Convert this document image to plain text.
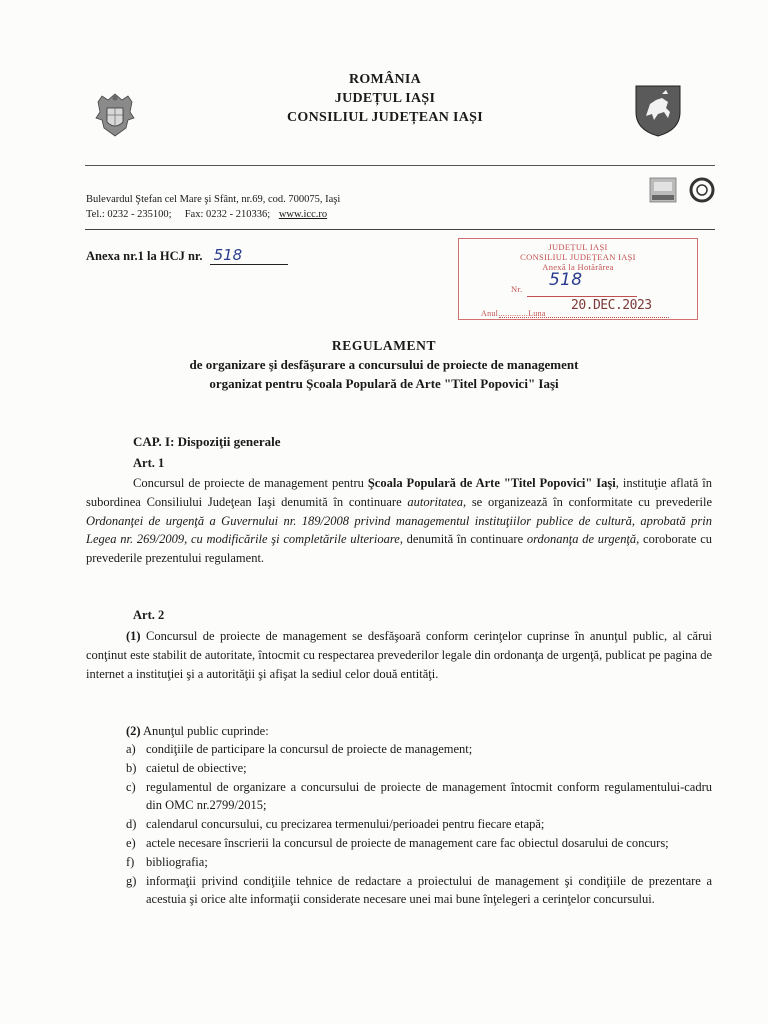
ROMÂNIA
JUDEȚUL IAȘI
CONSILIUL JUDEȚEAN IAȘI
Bulevardul Ştefan cel Mare şi Sfânt, nr.69, cod. 700075, Iaşi
Tel.: 0232 - 235100; Fax: 0232 - 210336; www.icc.ro
Anexa nr.1 la HCJ nr. 518	JUDEȚUL IAȘI
CONSILIUL JUDEȚEAN IAȘI
Anexă la Hotărârea
Nr. 518
Anul.............Luna
20.DEC.2023
REGULAMENT
de organizare şi desfăşurare a concursului de proiecte de management
organizat pentru Şcoala Populară de Arte "Titel Popovici" Iaşi
CAP. I: Dispoziţii generale
Art. 1
Concursul de proiecte de management pentru Şcoala Populară de Arte "Titel Popovici" Iaşi, instituţie aflată în subordinea Consiliului Judeţean Iaşi denumită în continuare autoritatea, se organizează în conformitate cu prevederile Ordonanţei de urgenţă a Guvernului nr. 189/2008 privind managementul instituţiilor publice de cultură, aprobată prin Legea nr. 269/2009, cu modificările şi completările ulterioare, denumită în continuare ordonanţa de urgenţă, coroborate cu prevederile prezentului regulament.
Art. 2
(1) Concursul de proiecte de management se desfăşoară conform cerinţelor cuprinse în anunţul public, al cărui conţinut este stabilit de autoritate, întocmit cu respectarea prevederilor legale din ordonanţa de urgenţă, publicat pe pagina de internet a instituţiei şi a autorităţii şi afişat la sediul celor două entităţi.
(2) Anunţul public cuprinde:
a) condiţiile de participare la concursul de proiecte de management;
b) caietul de obiective;
c) regulamentul de organizare a concursului de proiecte de management întocmit conform regulamentului-cadru din OMC nr.2799/2015;
d) calendarul concursului, cu precizarea termenului/perioadei pentru fiecare etapă;
e) actele necesare înscrierii la concursul de proiecte de management care fac obiectul dosarului de concurs;
f) bibliografia;
g) informaţii privind condiţiile tehnice de redactare a proiectului de management şi condiţiile de prezentare a acestuia şi orice alte informaţii considerate necesare unei mai bune înţelegeri a cerinţelor concursului.
